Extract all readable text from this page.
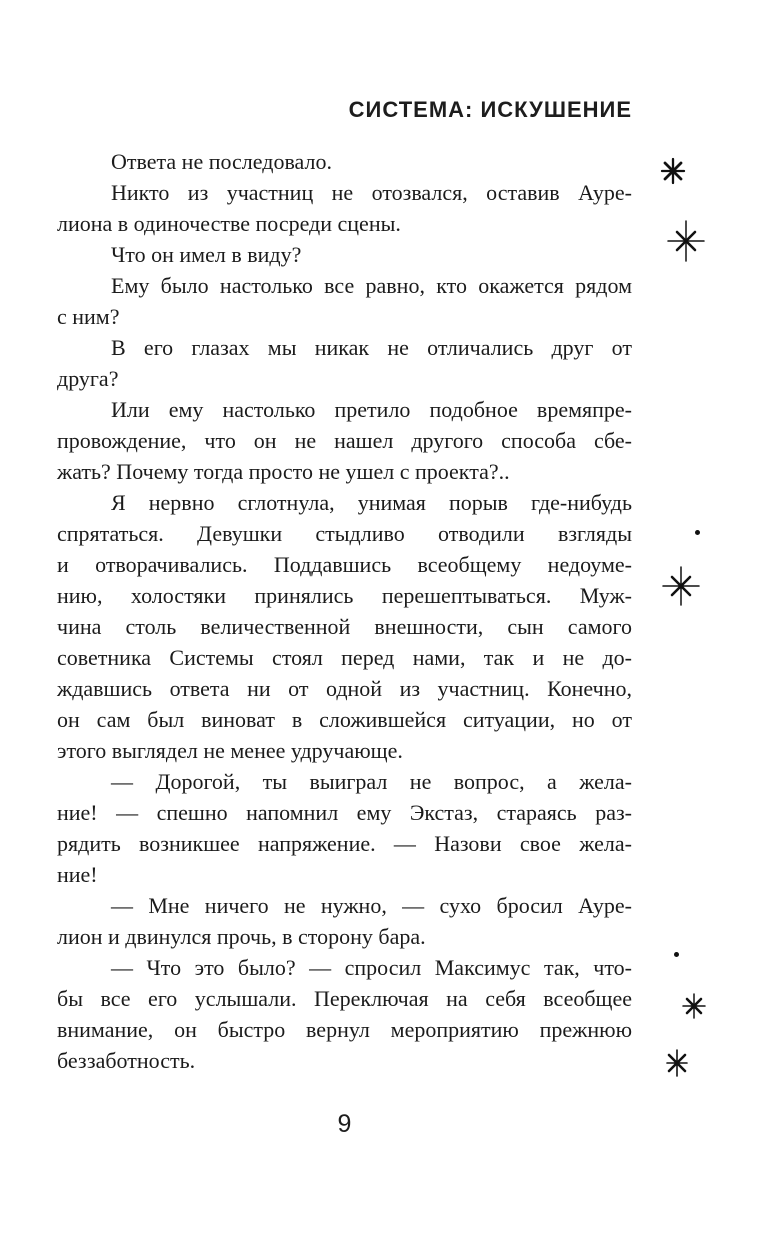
СИСТЕМА: ИСКУШЕНИЕ
Ответа не последовало.
Никто из участниц не отозвался, оставив Ауре-
лиона в одиночестве посреди сцены.
Что он имел в виду?
Ему было настолько все равно, кто окажется рядом
с ним?
В его глазах мы никак не отличались друг от
друга?
Или ему настолько претило подобное времяпре-
провождение, что он не нашел другого способа сбе-
жать? Почему тогда просто не ушел с проекта?..
Я нервно сглотнула, унимая порыв где-нибудь
спрятаться. Девушки стыдливо отводили взгляды
и отворачивались. Поддавшись всеобщему недоуме-
нию, холостяки принялись перешептываться. Муж-
чина столь величественной внешности, сын самого
советника Системы стоял перед нами, так и не до-
ждавшись ответа ни от одной из участниц. Конечно,
он сам был виноват в сложившейся ситуации, но от
этого выглядел не менее удручающе.
— Дорогой, ты выиграл не вопрос, а жела-
ние! — спешно напомнил ему Экстаз, стараясь раз-
рядить возникшее напряжение. — Назови свое жела-
ние!
— Мне ничего не нужно, — сухо бросил Ауре-
лион и двинулся прочь, в сторону бара.
— Что это было? — спросил Максимус так, что-
бы все его услышали. Переключая на себя всеобщее
внимание, он быстро вернул мероприятию прежнюю
беззаботность.
9
